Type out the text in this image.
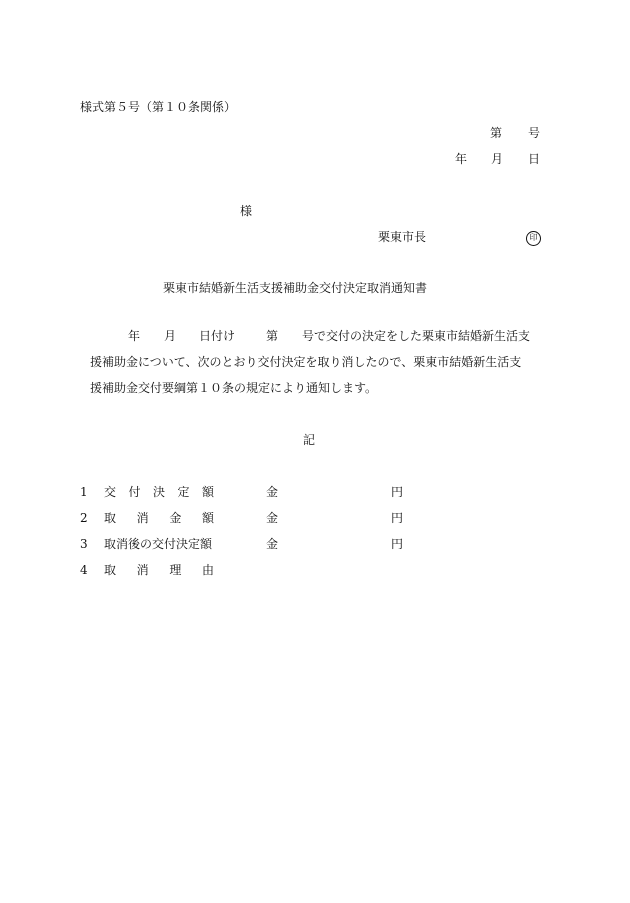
様式第５号（第１０条関係）
第 号
年 月 日
様
栗東市長	印
栗東市結婚新生活支援補助金交付決定取消通知書
年 月 日付け	第 号で交付の決定をした栗東市結婚新生活支
援補助金について、次のとおり交付決定を取り消したので、栗東市結婚新生活支
援補助金交付要綱第１０条の規定により通知します。
記
1 交 付 決 定 額	金	円
2 取 消 金 額	金	円
3 取消後の交付決定額	金	円
4 取 消 理 由
